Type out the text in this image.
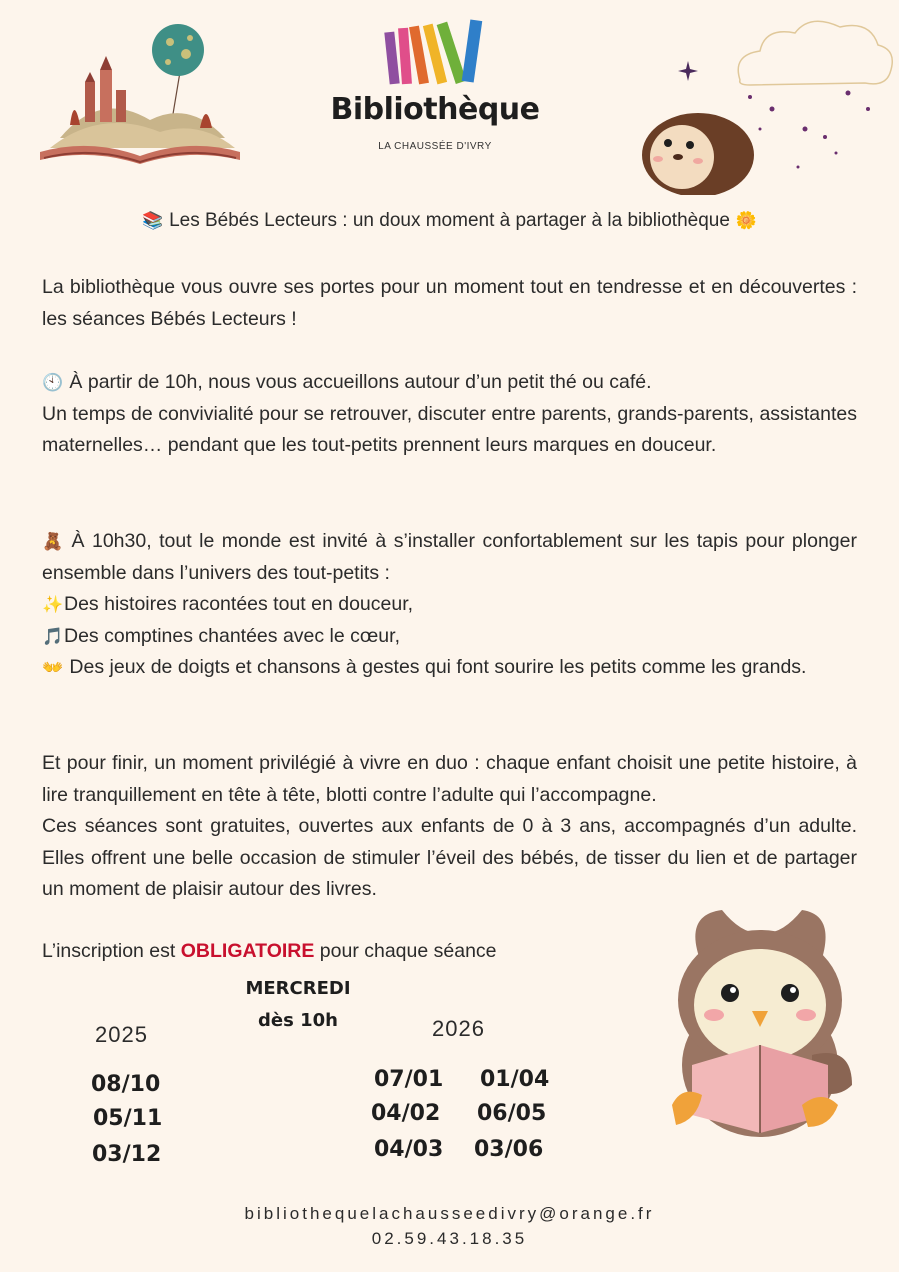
Bibliothèque
LA CHAUSSÉE D'IVRY
📚 Les Bébés Lecteurs : un doux moment à partager à la bibliothèque 🌼

La bibliothèque vous ouvre ses portes pour un moment tout en tendresse et en découvertes : les séances Bébés Lecteurs !

🕙 À partir de 10h, nous vous accueillons autour d’un petit thé ou café.

Un temps de convivialité pour se retrouver, discuter entre parents, grands-parents, assistantes maternelles… pendant que les tout-petits prennent leurs marques en douceur.

🧸 À 10h30, tout le monde est invité à s’installer confortablement sur les tapis pour plonger ensemble dans l’univers des tout-petits :

✨Des histoires racontées tout en douceur,

🎵Des comptines chantées avec le cœur,

👐 Des jeux de doigts et chansons à gestes qui font sourire les petits comme les grands.

Et pour finir, un moment privilégié à vivre en duo : chaque enfant choisit une petite histoire, à lire tranquillement en tête à tête, blotti contre l’adulte qui l’accompagne.

Ces séances sont gratuites, ouvertes aux enfants de 0 à 3 ans, accompagnés d’un adulte. Elles offrent une belle occasion de stimuler l’éveil des bébés, de tisser du lien et de partager un moment de plaisir autour des livres.

L’inscription est OBLIGATOIRE pour chaque séance
MERCREDI
dès 10h
2025	2026
08/10
05/11
03/12
07/01
04/02
04/03
01/04
06/05
03/06
bibliothequelachausseedivry@orange.fr
02.59.43.18.35
